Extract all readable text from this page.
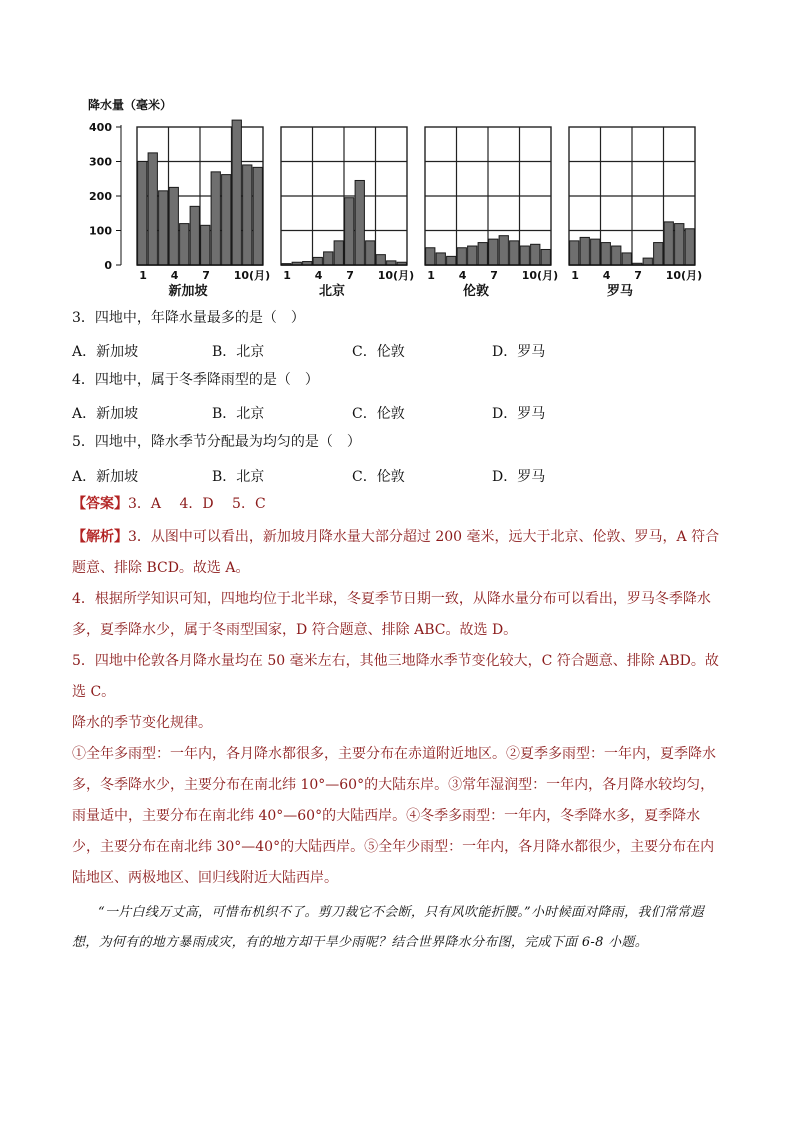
降水量（毫米）
0
100
200
300
400
1 4 7 10(月)
新加坡
1 4 7 10(月)
北京
1 4 7 10(月)
伦敦
1 4 7 10(月)
罗马
3．四地中，年降水量最多的是（　）
A．新加坡	B．北京	C．伦敦	D．罗马
4．四地中，属于冬季降雨型的是（　）
A．新加坡	B．北京	C．伦敦	D．罗马
5．四地中，降水季节分配最为均匀的是（　）
A．新加坡	B．北京	C．伦敦	D．罗马
【答案】3．A　 4．D　 5．C
【解析】3．从图中可以看出，新加坡月降水量大部分超过 200 毫米，远大于北京、伦敦、罗马，A 符合题意、排除 BCD。故选 A。
4．根据所学知识可知，四地均位于北半球，冬夏季节日期一致，从降水量分布可以看出，罗马冬季降水多，夏季降水少，属于冬雨型国家，D 符合题意、排除 ABC。故选 D。
5．四地中伦敦各月降水量均在 50 毫米左右，其他三地降水季节变化较大，C 符合题意、排除 ABD。故选 C。
降水的季节变化规律。
①全年多雨型：一年内，各月降水都很多，主要分布在赤道附近地区。②夏季多雨型：一年内，夏季降水多，冬季降水少，主要分布在南北纬 10°—60°的大陆东岸。③常年湿润型：一年内，各月降水较均匀，雨量适中，主要分布在南北纬 40°—60°的大陆西岸。④冬季多雨型：一年内，冬季降水多，夏季降水少，主要分布在南北纬 30°—40°的大陆西岸。⑤全年少雨型：一年内，各月降水都很少，主要分布在内陆地区、两极地区、回归线附近大陆西岸。
“一片白线万丈高，可惜布机织不了。剪刀裁它不会断，只有风吹能折腰。”小时候面对降雨，我们常常遐想，为何有的地方暴雨成灾，有的地方却干旱少雨呢？结合世界降水分布图，完成下面 6-8 小题。
